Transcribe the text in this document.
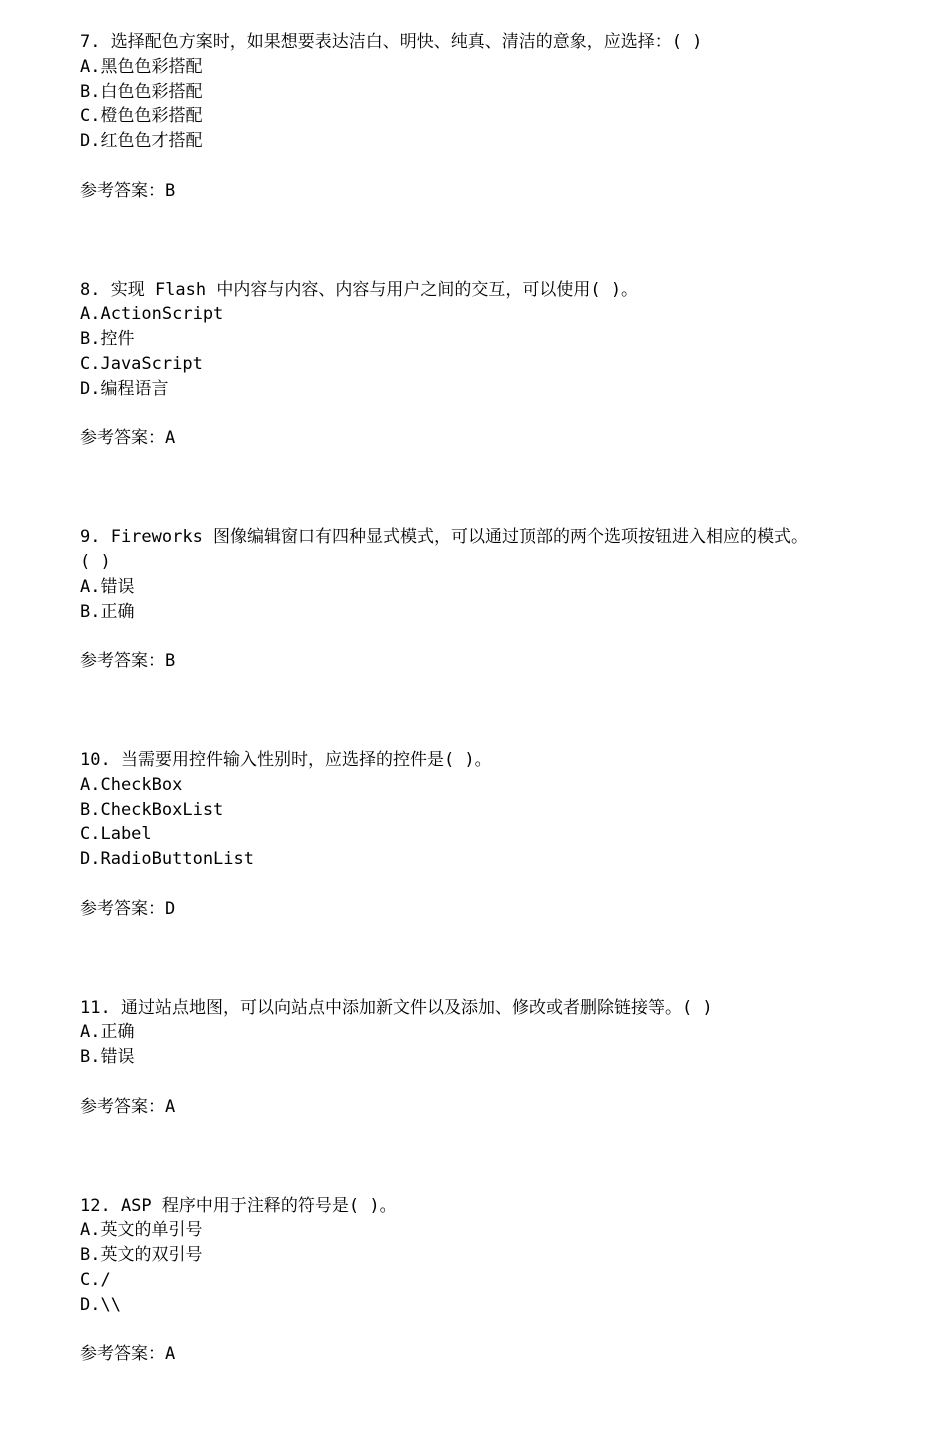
7. 选择配色方案时，如果想要表达洁白、明快、纯真、清洁的意象，应选择：( )
A.黑色色彩搭配
B.白色色彩搭配
C.橙色色彩搭配
D.红色色才搭配
参考答案：B
8. 实现 Flash 中内容与内容、内容与用户之间的交互，可以使用( )。
A.ActionScript
B.控件
C.JavaScript
D.编程语言
参考答案：A
9. Fireworks 图像编辑窗口有四种显式模式，可以通过顶部的两个选项按钮进入相应的模式。
( )
A.错误
B.正确
参考答案：B
10. 当需要用控件输入性别时，应选择的控件是( )。
A.CheckBox
B.CheckBoxList
C.Label
D.RadioButtonList
参考答案：D
11. 通过站点地图，可以向站点中添加新文件以及添加、修改或者删除链接等。( )
A.正确
B.错误
参考答案：A
12. ASP 程序中用于注释的符号是( )。
A.英文的单引号
B.英文的双引号
C./
D.\\
参考答案：A
